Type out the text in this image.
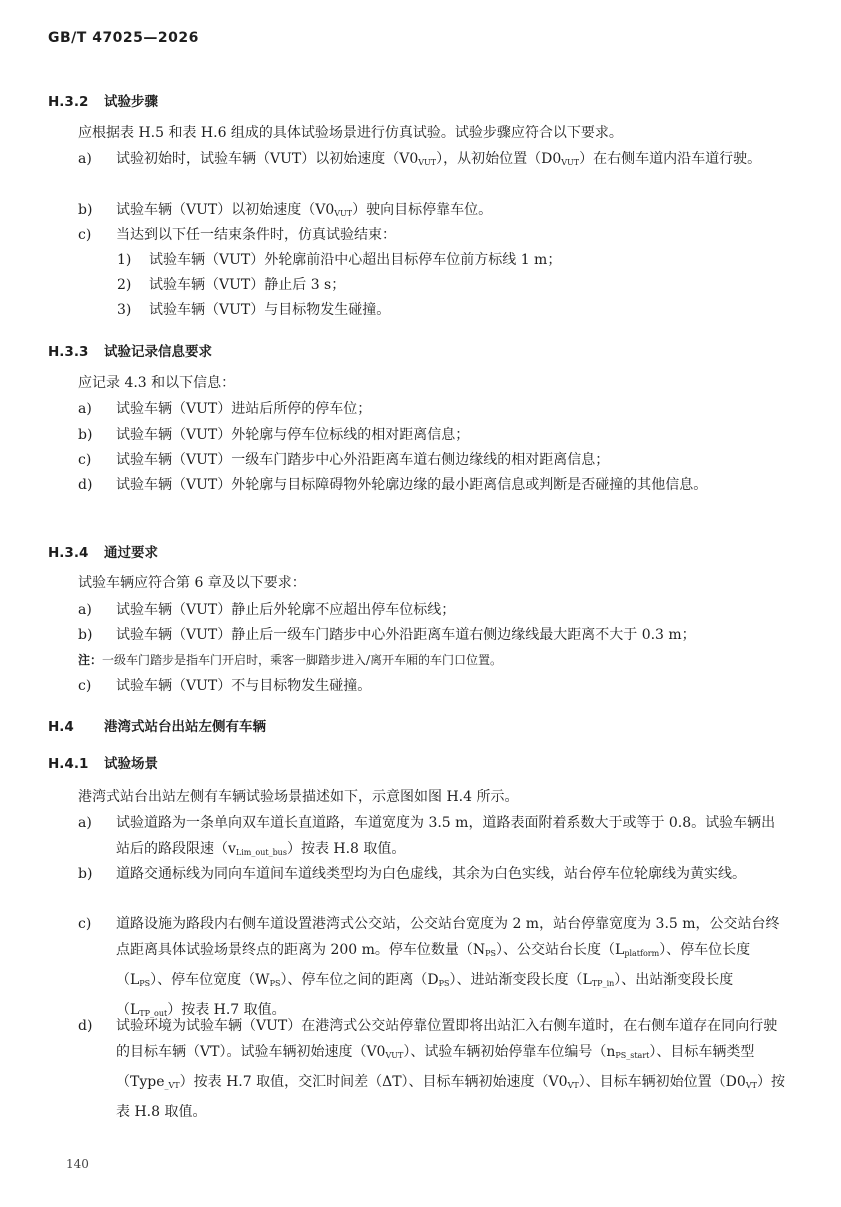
GB/T 47025—2026
H.3.2 试验步骤
应根据表 H.5 和表 H.6 组成的具体试验场景进行仿真试验。试验步骤应符合以下要求。
a) 试验初始时，试验车辆（VUT）以初始速度$(V0_{VUT})$，从初始位置$(D0_{VUT})$在右侧车道内沿车道行驶。
b) 试验车辆（VUT）以初始速度$(V0_{VUT})$驶向目标停靠车位。
c) 当达到以下任一结束条件时，仿真试验结束：
1) 试验车辆（VUT）外轮廓前沿中心超出目标停车位前方标线 1 m；
2) 试验车辆（VUT）静止后 3 s；
3) 试验车辆（VUT）与目标物发生碰撞。
H.3.3 试验记录信息要求
应记录 4.3 和以下信息：
a) 试验车辆（VUT）进站后所停的停车位；
b) 试验车辆（VUT）外轮廓与停车位标线的相对距离信息；
c) 试验车辆（VUT）一级车门踏步中心外沿距离车道右侧边缘线的相对距离信息；
d) 试验车辆（VUT）外轮廓与目标障碍物外轮廓边缘的最小距离信息或判断是否碰撞的其他信息。
H.3.4 通过要求
试验车辆应符合第 6 章及以下要求：
a) 试验车辆（VUT）静止后外轮廓不应超出停车位标线；
b) 试验车辆（VUT）静止后一级车门踏步中心外沿距离车道右侧边缘线最大距离不大于 0.3 m；
注：一级车门踏步是指车门开启时，乘客一脚踏步进入/离开车厢的车门口位置。
c) 试验车辆（VUT）不与目标物发生碰撞。
H.4 港湾式站台出站左侧有车辆
H.4.1 试验场景
港湾式站台出站左侧有车辆试验场景描述如下，示意图如图 H.4 所示。
a) 试验道路为一条单向双车道长直道路，车道宽度为 3.5 m，道路表面附着系数大于或等于 0.8。试验车辆出站后的路段限速$(v_{Lim\_out\_bus})$按表 H.8 取值。
b) 道路交通标线为同向车道间车道线类型均为白色虚线，其余为白色实线，站台停车位轮廓线为黄实线。
c) 道路设施为路段内右侧车道设置港湾式公交站，公交站台宽度为 2 m，站台停靠宽度为 3.5 m，公交站台终点距离具体试验场景终点的距离为 200 m。停车位数量$(N_{PS})$、公交站台长度$(L_{platform})$、停车位长度$(L_{PS})$、停车位宽度$(W_{PS})$、停车位之间的距离$(D_{PS})$、进站渐变段长度$(L_{TP\_in})$、出站渐变段长度$(L_{TP\_out})$按表 H.7 取值。
d) 试验环境为试验车辆（VUT）在港湾式公交站停靠位置即将出站汇入右侧车道时，在右侧车道存在同向行驶的目标车辆（VT）。试验车辆初始速度$(V0_{VUT})$、试验车辆初始停靠车位编号$(n_{PS\_start})$、目标车辆类型（Type$_{\_VT}$）按表 H.7 取值，交汇时间差（ΔT）、目标车辆初始速度$(V0_{VT})$、目标车辆初始位置$(D0_{VT})$按表 H.8 取值。
140
